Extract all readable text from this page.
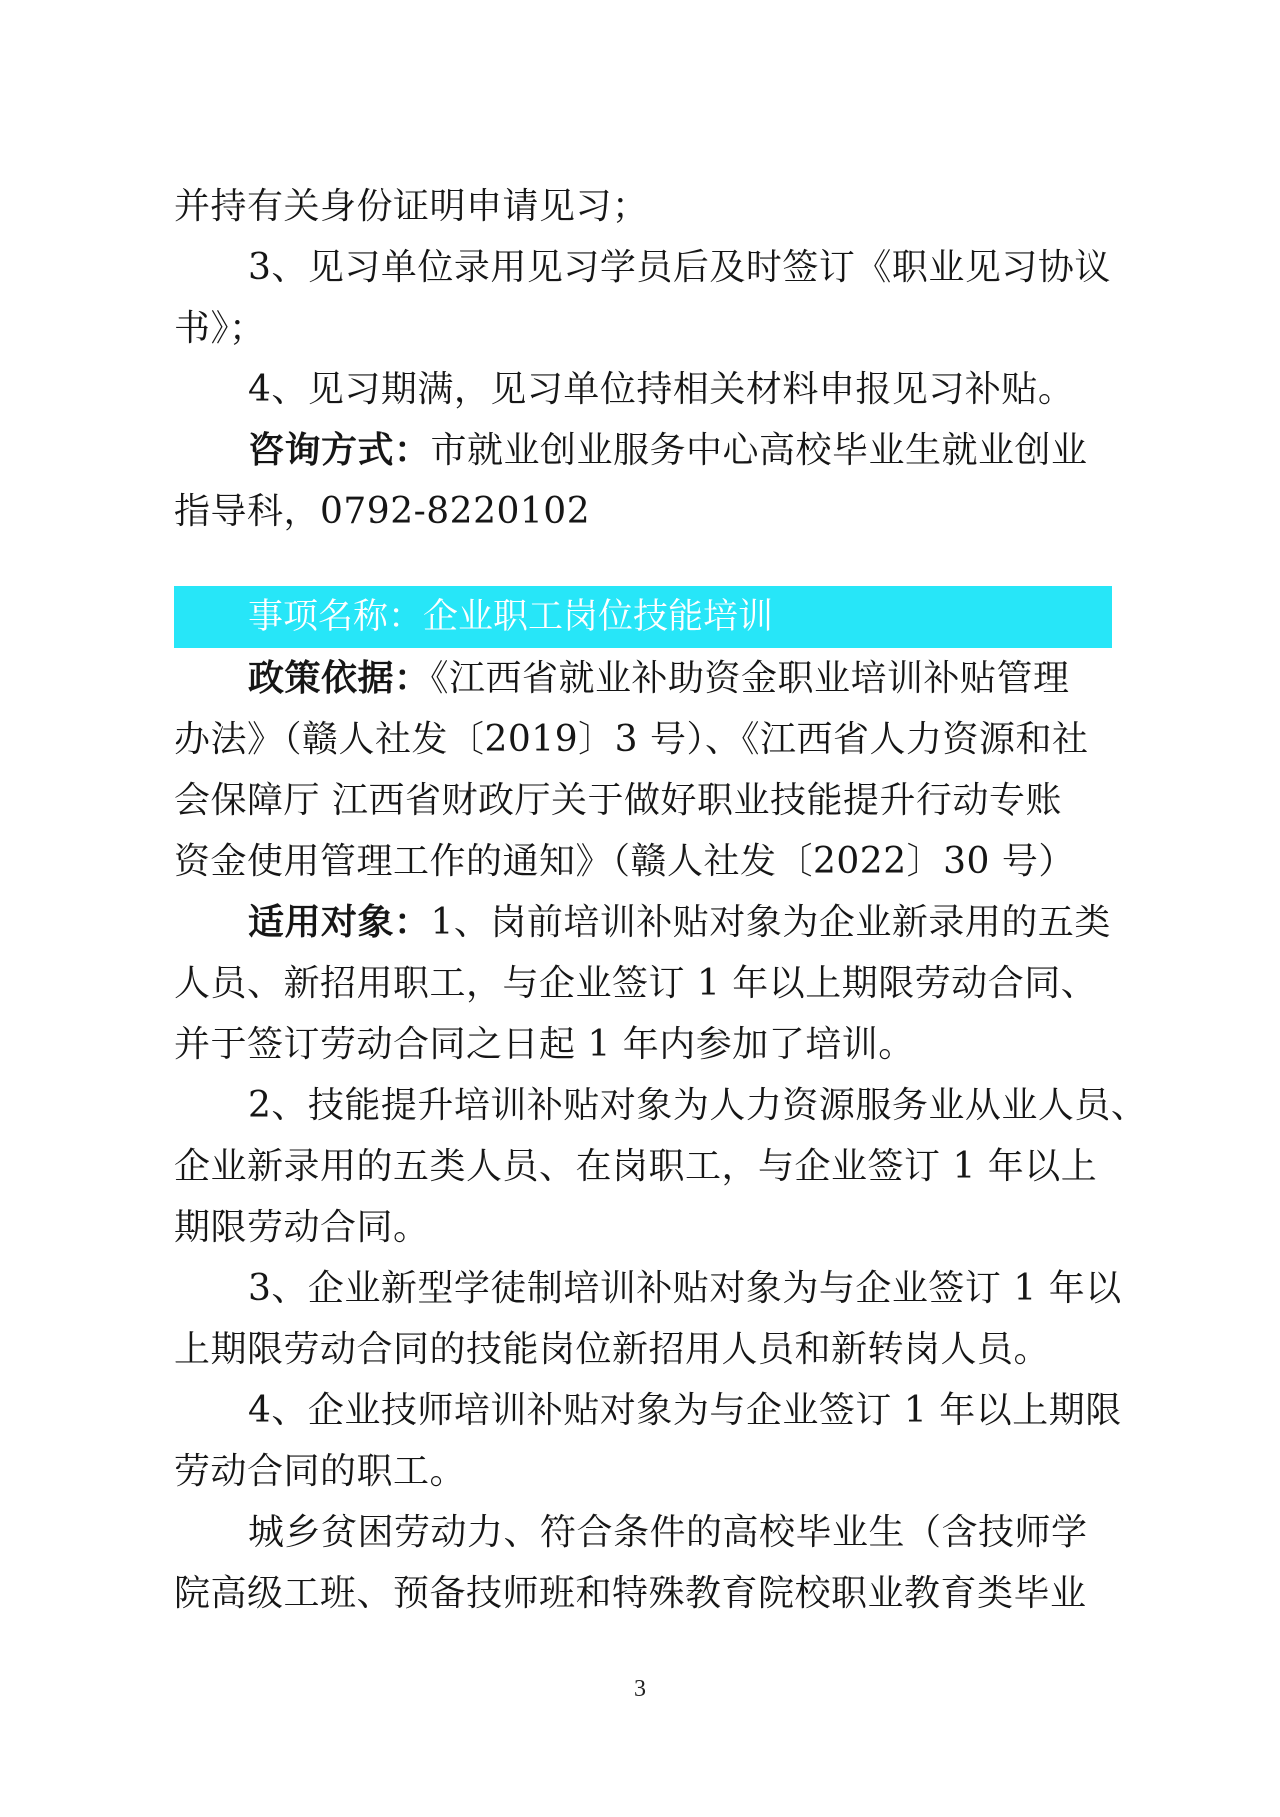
并持有关身份证明申请见习；
3、见习单位录用见习学员后及时签订《职业见习协议
书》；
4、见习期满，见习单位持相关材料申报见习补贴。
咨询方式：市就业创业服务中心高校毕业生就业创业
指导科，0792-8220102
事项名称：企业职工岗位技能培训
政策依据：《江西省就业补助资金职业培训补贴管理
办法》（赣人社发〔2019〕3 号）、《江西省人力资源和社
会保障厅 江西省财政厅关于做好职业技能提升行动专账
资金使用管理工作的通知》（赣人社发〔2022〕30 号）
适用对象：1、岗前培训补贴对象为企业新录用的五类
人员、新招用职工，与企业签订 1 年以上期限劳动合同、
并于签订劳动合同之日起 1 年内参加了培训。
2、技能提升培训补贴对象为人力资源服务业从业人员、
企业新录用的五类人员、在岗职工，与企业签订 1 年以上
期限劳动合同。
3、企业新型学徒制培训补贴对象为与企业签订 1 年以
上期限劳动合同的技能岗位新招用人员和新转岗人员。
4、企业技师培训补贴对象为与企业签订 1 年以上期限
劳动合同的职工。
城乡贫困劳动力、符合条件的高校毕业生（含技师学
院高级工班、预备技师班和特殊教育院校职业教育类毕业
3
